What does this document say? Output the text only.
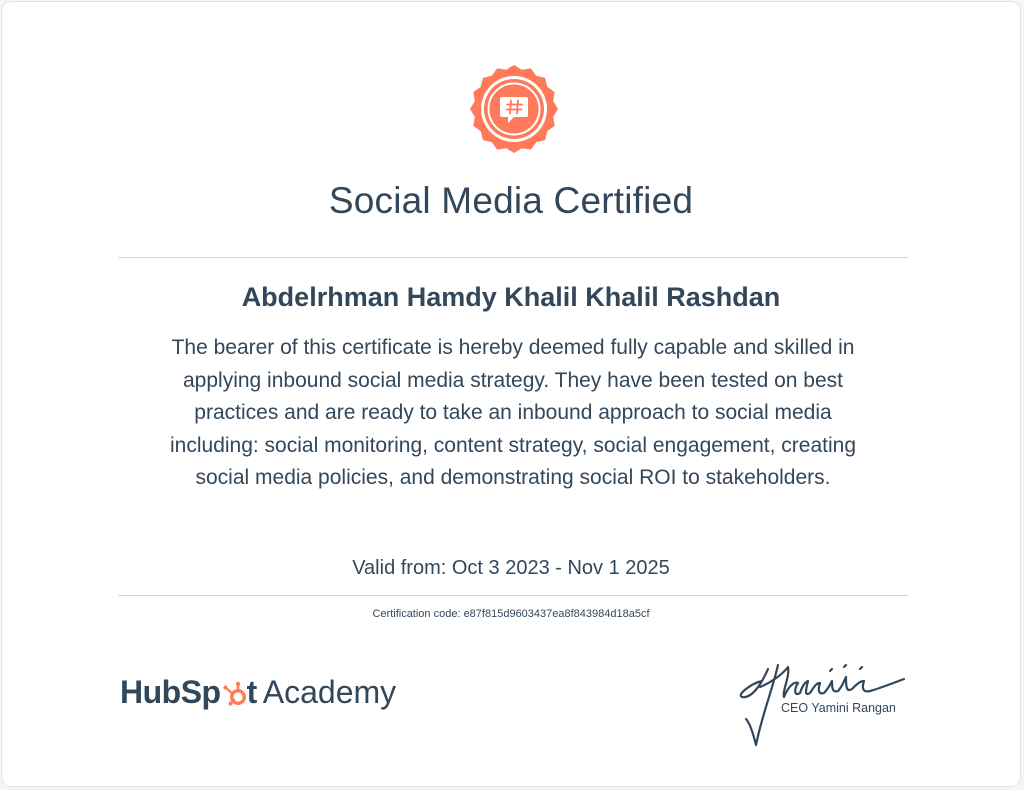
Social Media Certified
Abdelrhman Hamdy Khalil Khalil Rashdan
The bearer of this certificate is hereby deemed fully capable and skilled in
applying inbound social media strategy. They have been tested on best
practices and are ready to take an inbound approach to social media
including: social monitoring, content strategy, social engagement, creating
social media policies, and demonstrating social ROI to stakeholders.
Valid from: Oct 3 2023 - Nov 1 2025
Certification code: e87f815d9603437ea8f843984d18a5cf
HubSp t Academy	CEO Yamini Rangan
